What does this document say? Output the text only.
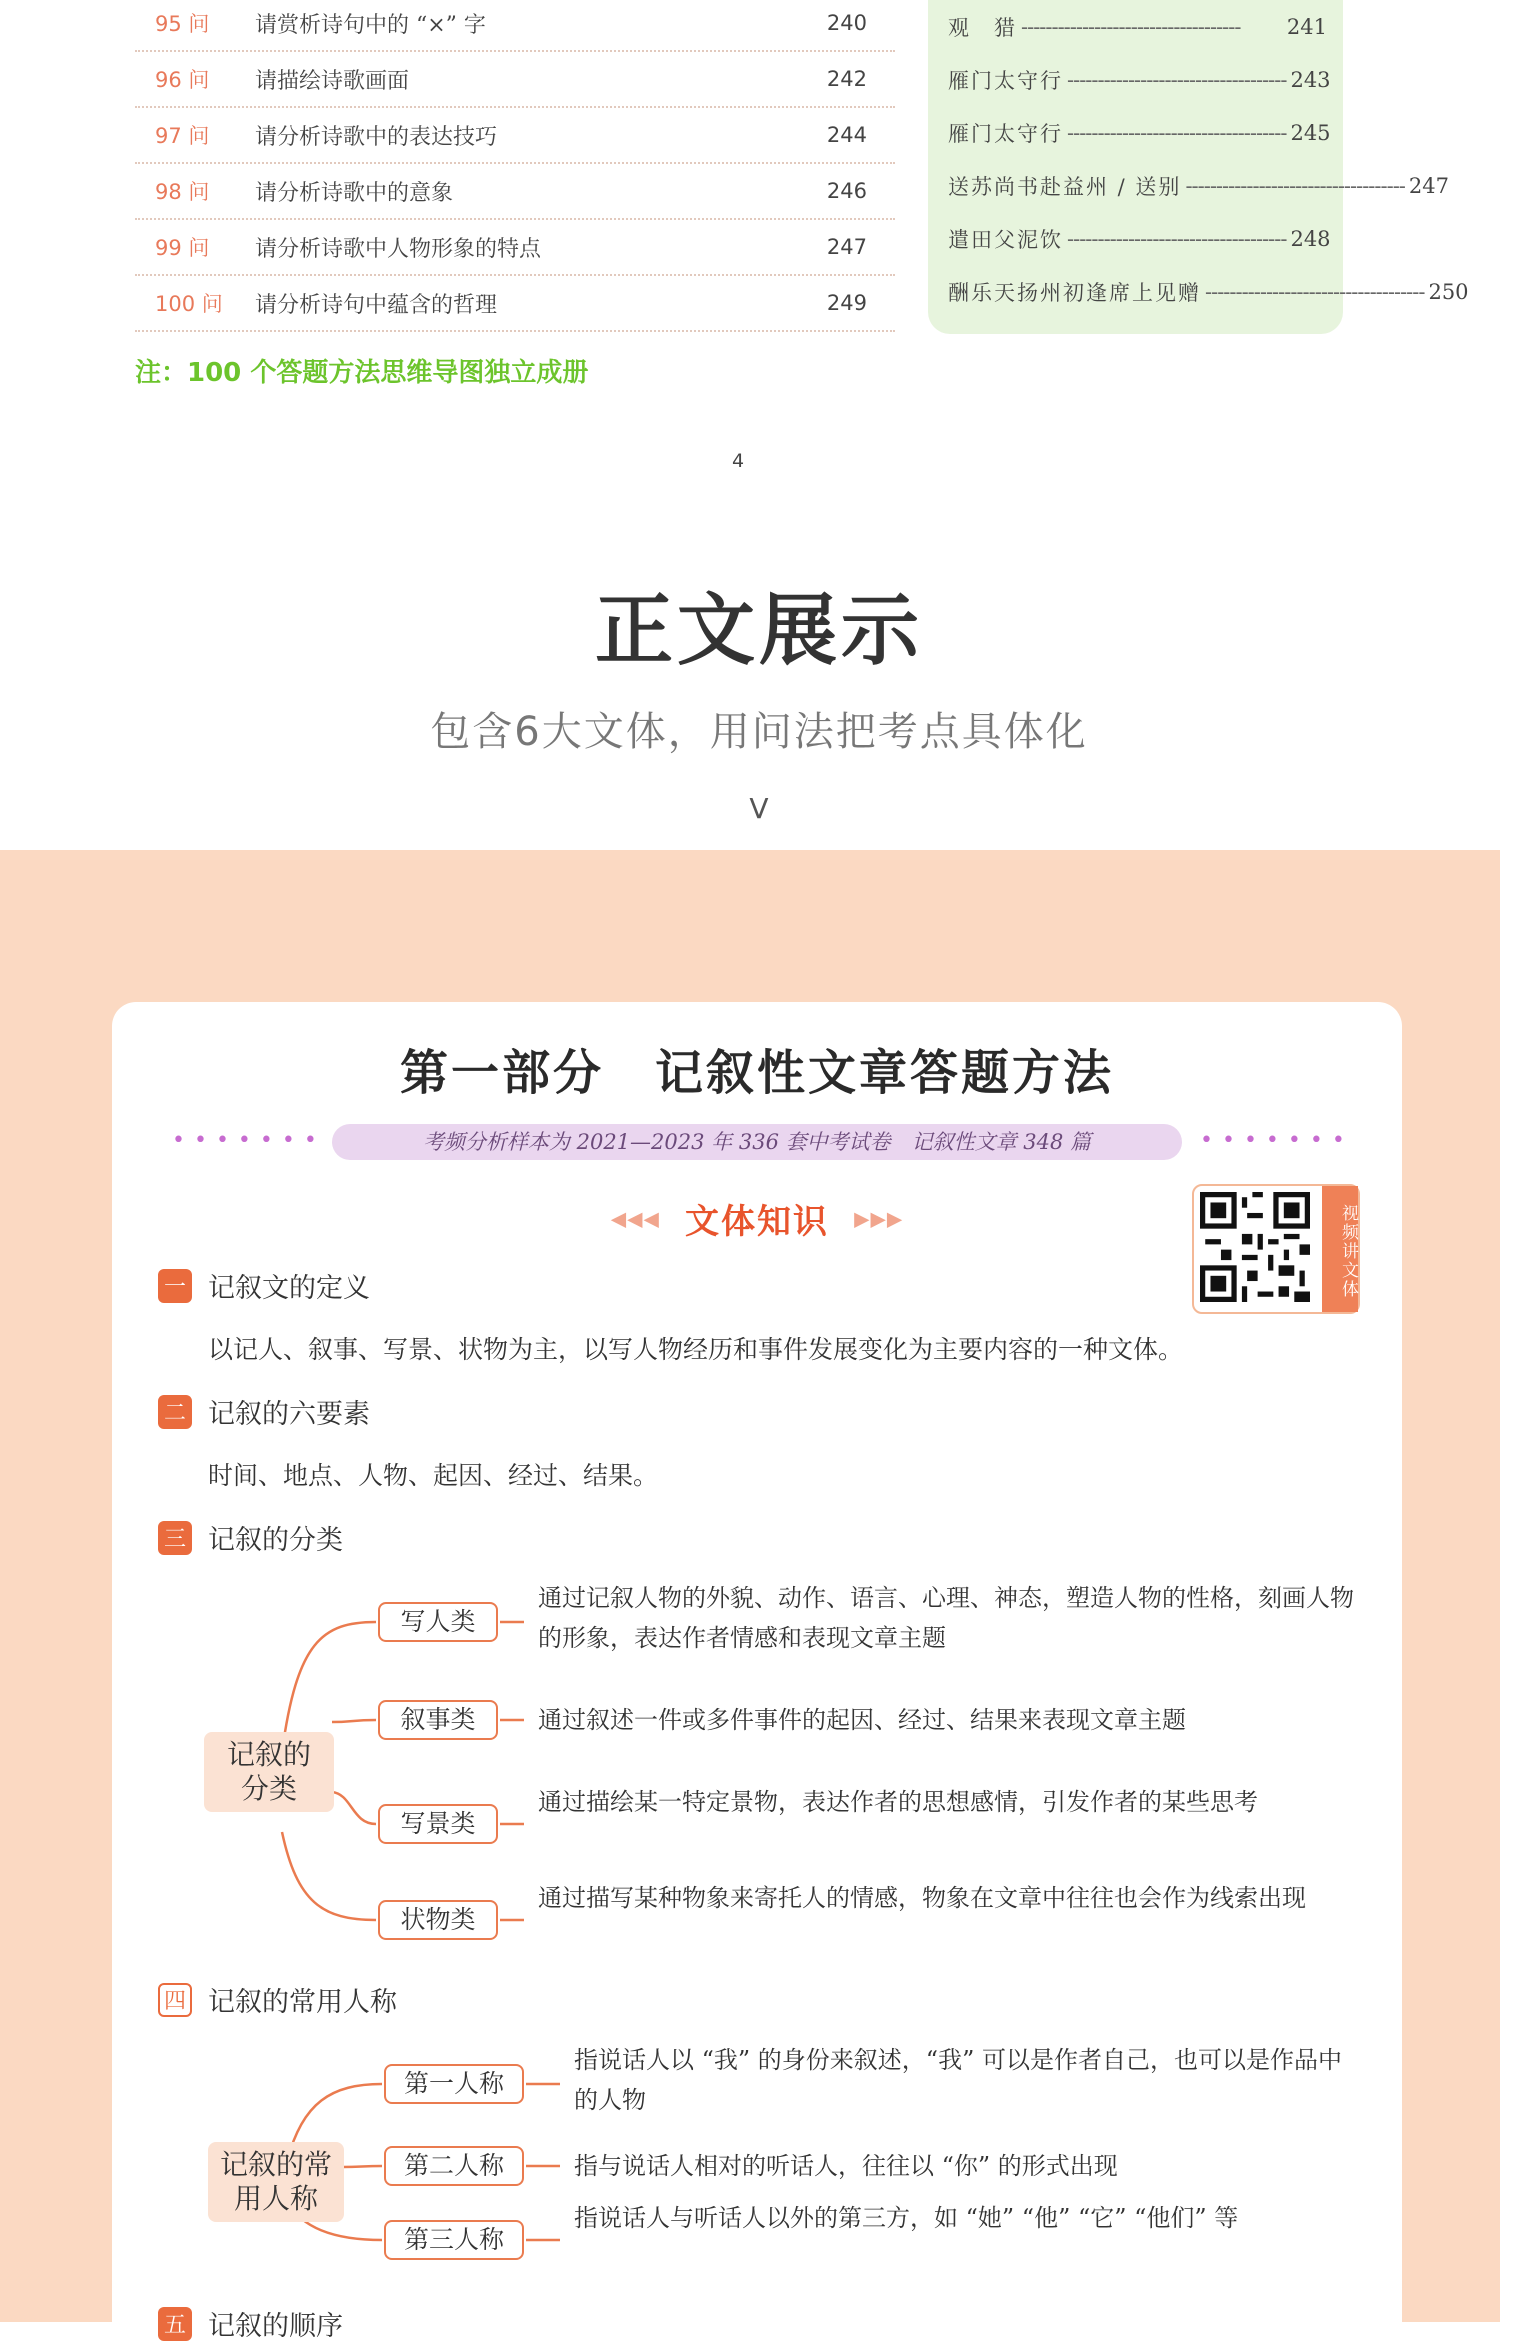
95 问	请赏析诗句中的 “×” 字	240
96 问	请描绘诗歌画面	242
97 问	请分析诗歌中的表达技巧	244
98 问	请分析诗歌中的意象	246
99 问	请分析诗歌中人物形象的特点	247
100 问	请分析诗句中蕴含的哲理	249
观　猎 ------------------------------------	241
雁门太守行 ------------------------------------ 243
雁门太守行 ------------------------------------ 245
送苏尚书赴益州 / 送别 ------------------------------------ 247
遣田父泥饮 ------------------------------------ 248
酬乐天扬州初逢席上见赠 ------------------------------------ 250
注：100 个答题方法思维导图独立成册
4
正文展示
包含6大文体，用问法把考点具体化
V
第一部分　记叙性文章答题方法
•••••••	考频分析样本为 2021—2023 年 336 套中考试卷　记叙性文章 348 篇	•••••••
◀◀◀ 文体知识 ▶▶▶	视频讲文体
一 记叙文的定义
以记人、叙事、写景、状物为主，以写人物经历和事件发展变化为主要内容的一种文体。
二 记叙的六要素
时间、地点、人物、起因、经过、结果。
三 记叙的分类
记叙的分类
写人类
通过记叙人物的外貌、动作、语言、心理、神态，塑造人物的性格，刻画人物的形象，表达作者情感和表现文章主题
叙事类	通过叙述一件或多件事件的起因、经过、结果来表现文章主题
写景类
通过描绘某一特定景物，表达作者的思想感情，引发作者的某些思考
状物类
通过描写某种物象来寄托人的情感，物象在文章中往往也会作为线索出现
四 记叙的常用人称
记叙的常用人称
第一人称
指说话人以 “我” 的身份来叙述，“我” 可以是作者自己，也可以是作品中的人物
第二人称	指与说话人相对的听话人，往往以 “你” 的形式出现
第三人称
指说话人与听话人以外的第三方，如 “她” “他” “它” “他们” 等
五 记叙的顺序
